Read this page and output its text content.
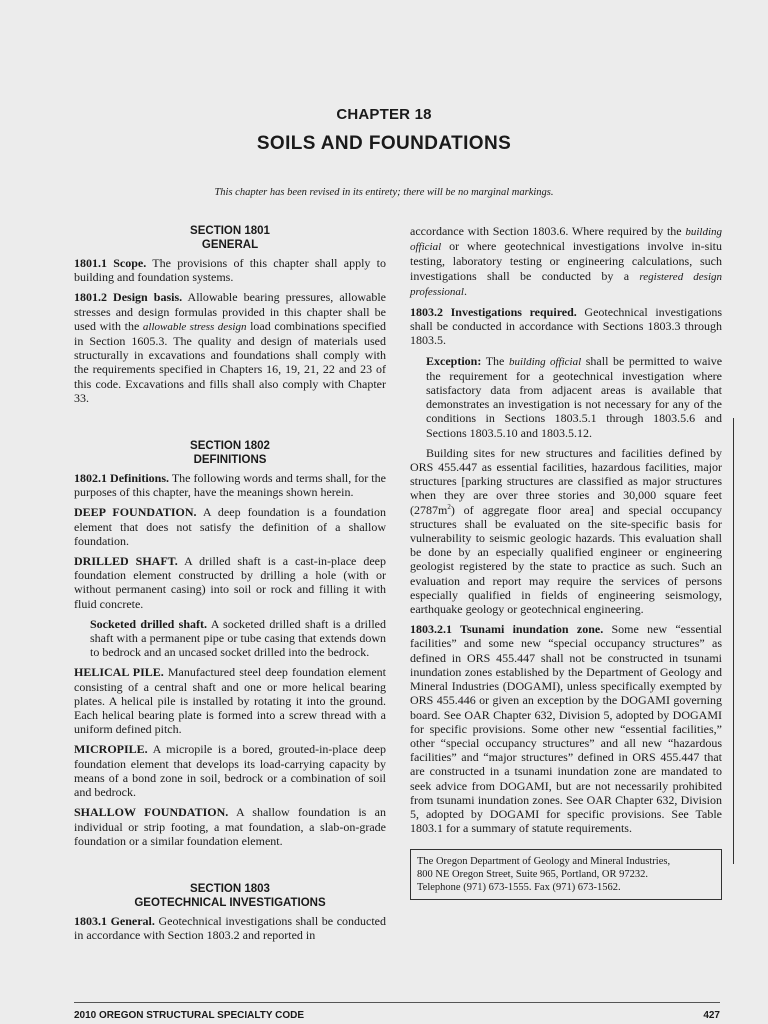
CHAPTER 18
SOILS AND FOUNDATIONS
This chapter has been revised in its entirety; there will be no marginal markings.
SECTION 1801
GENERAL

1801.1 Scope. The provisions of this chapter shall apply to building and foundation systems.

1801.2 Design basis. Allowable bearing pressures, allowable stresses and design formulas provided in this chapter shall be used with the allowable stress design load combinations specified in Section 1605.3. The quality and design of materials used structurally in excavations and foundations shall comply with the requirements specified in Chapters 16, 19, 21, 22 and 23 of this code. Excavations and fills shall also comply with Chapter 33.

SECTION 1802
DEFINITIONS

1802.1 Definitions. The following words and terms shall, for the purposes of this chapter, have the meanings shown herein.

DEEP FOUNDATION. A deep foundation is a foundation element that does not satisfy the definition of a shallow foundation.

DRILLED SHAFT. A drilled shaft is a cast-in-place deep foundation element constructed by drilling a hole (with or without permanent casing) into soil or rock and filling it with fluid concrete.

Socketed drilled shaft. A socketed drilled shaft is a drilled shaft with a permanent pipe or tube casing that extends down to bedrock and an uncased socket drilled into the bedrock.

HELICAL PILE. Manufactured steel deep foundation element consisting of a central shaft and one or more helical bearing plates. A helical pile is installed by rotating it into the ground. Each helical bearing plate is formed into a screw thread with a uniform defined pitch.

MICROPILE. A micropile is a bored, grouted-in-place deep foundation element that develops its load-carrying capacity by means of a bond zone in soil, bedrock or a combination of soil and bedrock.

SHALLOW FOUNDATION. A shallow foundation is an individual or strip footing, a mat foundation, a slab-on-grade foundation or a similar foundation element.

SECTION 1803
GEOTECHNICAL INVESTIGATIONS

1803.1 General. Geotechnical investigations shall be conducted in accordance with Section 1803.2 and reported in

accordance with Section 1803.6. Where required by the building official or where geotechnical investigations involve in-situ testing, laboratory testing or engineering calculations, such investigations shall be conducted by a registered design professional.

1803.2 Investigations required. Geotechnical investigations shall be conducted in accordance with Sections 1803.3 through 1803.5.

Exception: The building official shall be permitted to waive the requirement for a geotechnical investigation where satisfactory data from adjacent areas is available that demonstrates an investigation is not necessary for any of the conditions in Sections 1803.5.1 through 1803.5.6 and Sections 1803.5.10 and 1803.5.12.

Building sites for new structures and facilities defined by ORS 455.447 as essential facilities, hazardous facilities, major structures [parking structures are classified as major structures when they are over three stories and 30,000 square feet $(2787m^2)$ of aggregate floor area] and special occupancy structures shall be evaluated on the site-specific basis for vulnerability to seismic geologic hazards. This evaluation shall be done by an especially qualified engineer or engineering geologist registered by the state to practice as such. Such an evaluation and report may require the services of persons especially qualified in fields of engineering seismology, earthquake geology or geotechnical engineering.

1803.2.1 Tsunami inundation zone. Some new “essential facilities” and some new “special occupancy structures” as defined in ORS 455.447 shall not be constructed in tsunami inundation zones established by the Department of Geology and Mineral Industries (DOGAMI), unless specifically exempted by ORS 455.446 or given an exception by the DOGAMI governing board. See OAR Chapter 632, Division 5, adopted by DOGAMI for specific provisions. Some other new “essential facilities,” other “special occupancy structures” and all new “hazardous facilities” and “major structures” defined in ORS 455.447 that are constructed in a tsunami inundation zone are mandated to seek advice from DOGAMI, but are not necessarily prohibited from tsunami inundation zones. See OAR Chapter 632, Division 5, adopted by DOGAMI for specific provisions. See Table 1803.1 for a summary of statute requirements.

The Oregon Department of Geology and Mineral Industries,
800 NE Oregon Street, Suite 965, Portland, OR 97232.
Telephone (971) 673-1555. Fax (971) 673-1562.
2010 OREGON STRUCTURAL SPECIALTY CODE	427
